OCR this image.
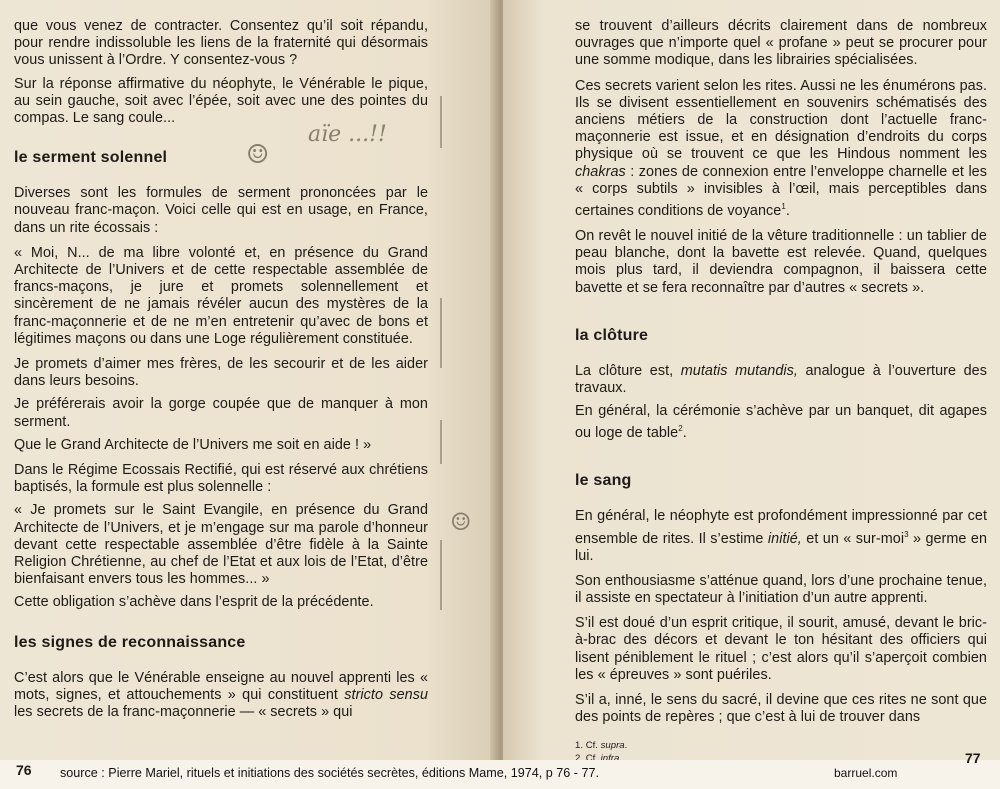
que vous venez de contracter. Consentez qu’il soit répandu, pour rendre indissoluble les liens de la fraternité qui désormais vous unissent à l’Ordre. Y consentez-vous ?

Sur la réponse affirmative du néophyte, le Vénérable le pique, au sein gauche, soit avec l’épée, soit avec une des pointes du compas. Le sang coule...

le serment solennel

Diverses sont les formules de serment prononcées par le nouveau franc-maçon. Voici celle qui est en usage, en France, dans un rite écossais :

« Moi, N... de ma libre volonté et, en présence du Grand Architecte de l’Univers et de cette respectable assemblée de francs-maçons, je jure et promets solennellement et sincèrement de ne jamais révéler aucun des mystères de la franc-maçonnerie et de ne m’en entretenir qu’avec de bons et légitimes maçons ou dans une Loge régulièrement constituée.

Je promets d’aimer mes frères, de les secourir et de les aider dans leurs besoins.

Je préférerais avoir la gorge coupée que de manquer à mon serment.

Que le Grand Architecte de l’Univers me soit en aide ! »

Dans le Régime Ecossais Rectifié, qui est réservé aux chrétiens baptisés, la formule est plus solennelle :

« Je promets sur le Saint Evangile, en présence du Grand Architecte de l’Univers, et je m’engage sur ma parole d’honneur devant cette respectable assemblée d’être fidèle à la Sainte Religion Chrétienne, au chef de l’Etat et aux lois de l’Etat, d’être bienfaisant envers tous les hommes... »

Cette obligation s’achève dans l’esprit de la précédente.

les signes de reconnaissance

C’est alors que le Vénérable enseigne au nouvel apprenti les « mots, signes, et attouchements » qui constituent stricto sensu les secrets de la franc-maçonnerie — « secrets » qui

aïe ...!!
☺
☺

se trouvent d’ailleurs décrits clairement dans de nombreux ouvrages que n’importe quel « profane » peut se procurer pour une somme modique, dans les librairies spécialisées.

Ces secrets varient selon les rites. Aussi ne les énumérons pas. Ils se divisent essentiellement en souvenirs schématisés des anciens métiers de la construction dont l’actuelle franc-maçonnerie est issue, et en désignation d’endroits du corps physique où se trouvent ce que les Hindous nomment les chakras : zones de connexion entre l’enveloppe charnelle et les « corps subtils » invisibles à l’œil, mais perceptibles dans certaines conditions de voyance$^1$.

On revêt le nouvel initié de la vêture traditionnelle : un tablier de peau blanche, dont la bavette est relevée. Quand, quelques mois plus tard, il deviendra compagnon, il baissera cette bavette et se fera reconnaître par d’autres « secrets ».

la clôture

La clôture est, mutatis mutandis, analogue à l’ouverture des travaux.

En général, la cérémonie s’achève par un banquet, dit agapes ou loge de table$^2$.

le sang

En général, le néophyte est profondément impressionné par cet ensemble de rites. Il s’estime initié, et un « sur-moi$^3$ » germe en lui.

Son enthousiasme s’atténue quand, lors d’une prochaine tenue, il assiste en spectateur à l’initiation d’un autre apprenti.

S’il est doué d’un esprit critique, il sourit, amusé, devant le bric-à-brac des décors et devant le ton hésitant des officiers qui lisent péniblement le rituel ; c’est alors qu’il s’aperçoit combien les « épreuves » sont puériles.

S’il a, inné, le sens du sacré, il devine que ces rites ne sont que des points de repères ; que c’est à lui de trouver dans

1. Cf. supra.
2. Cf. infra.
76 source : Pierre Mariel, rituels et initiations des sociétés secrètes, éditions Mame, 1974, p 76 - 77.	barruel.com
77
